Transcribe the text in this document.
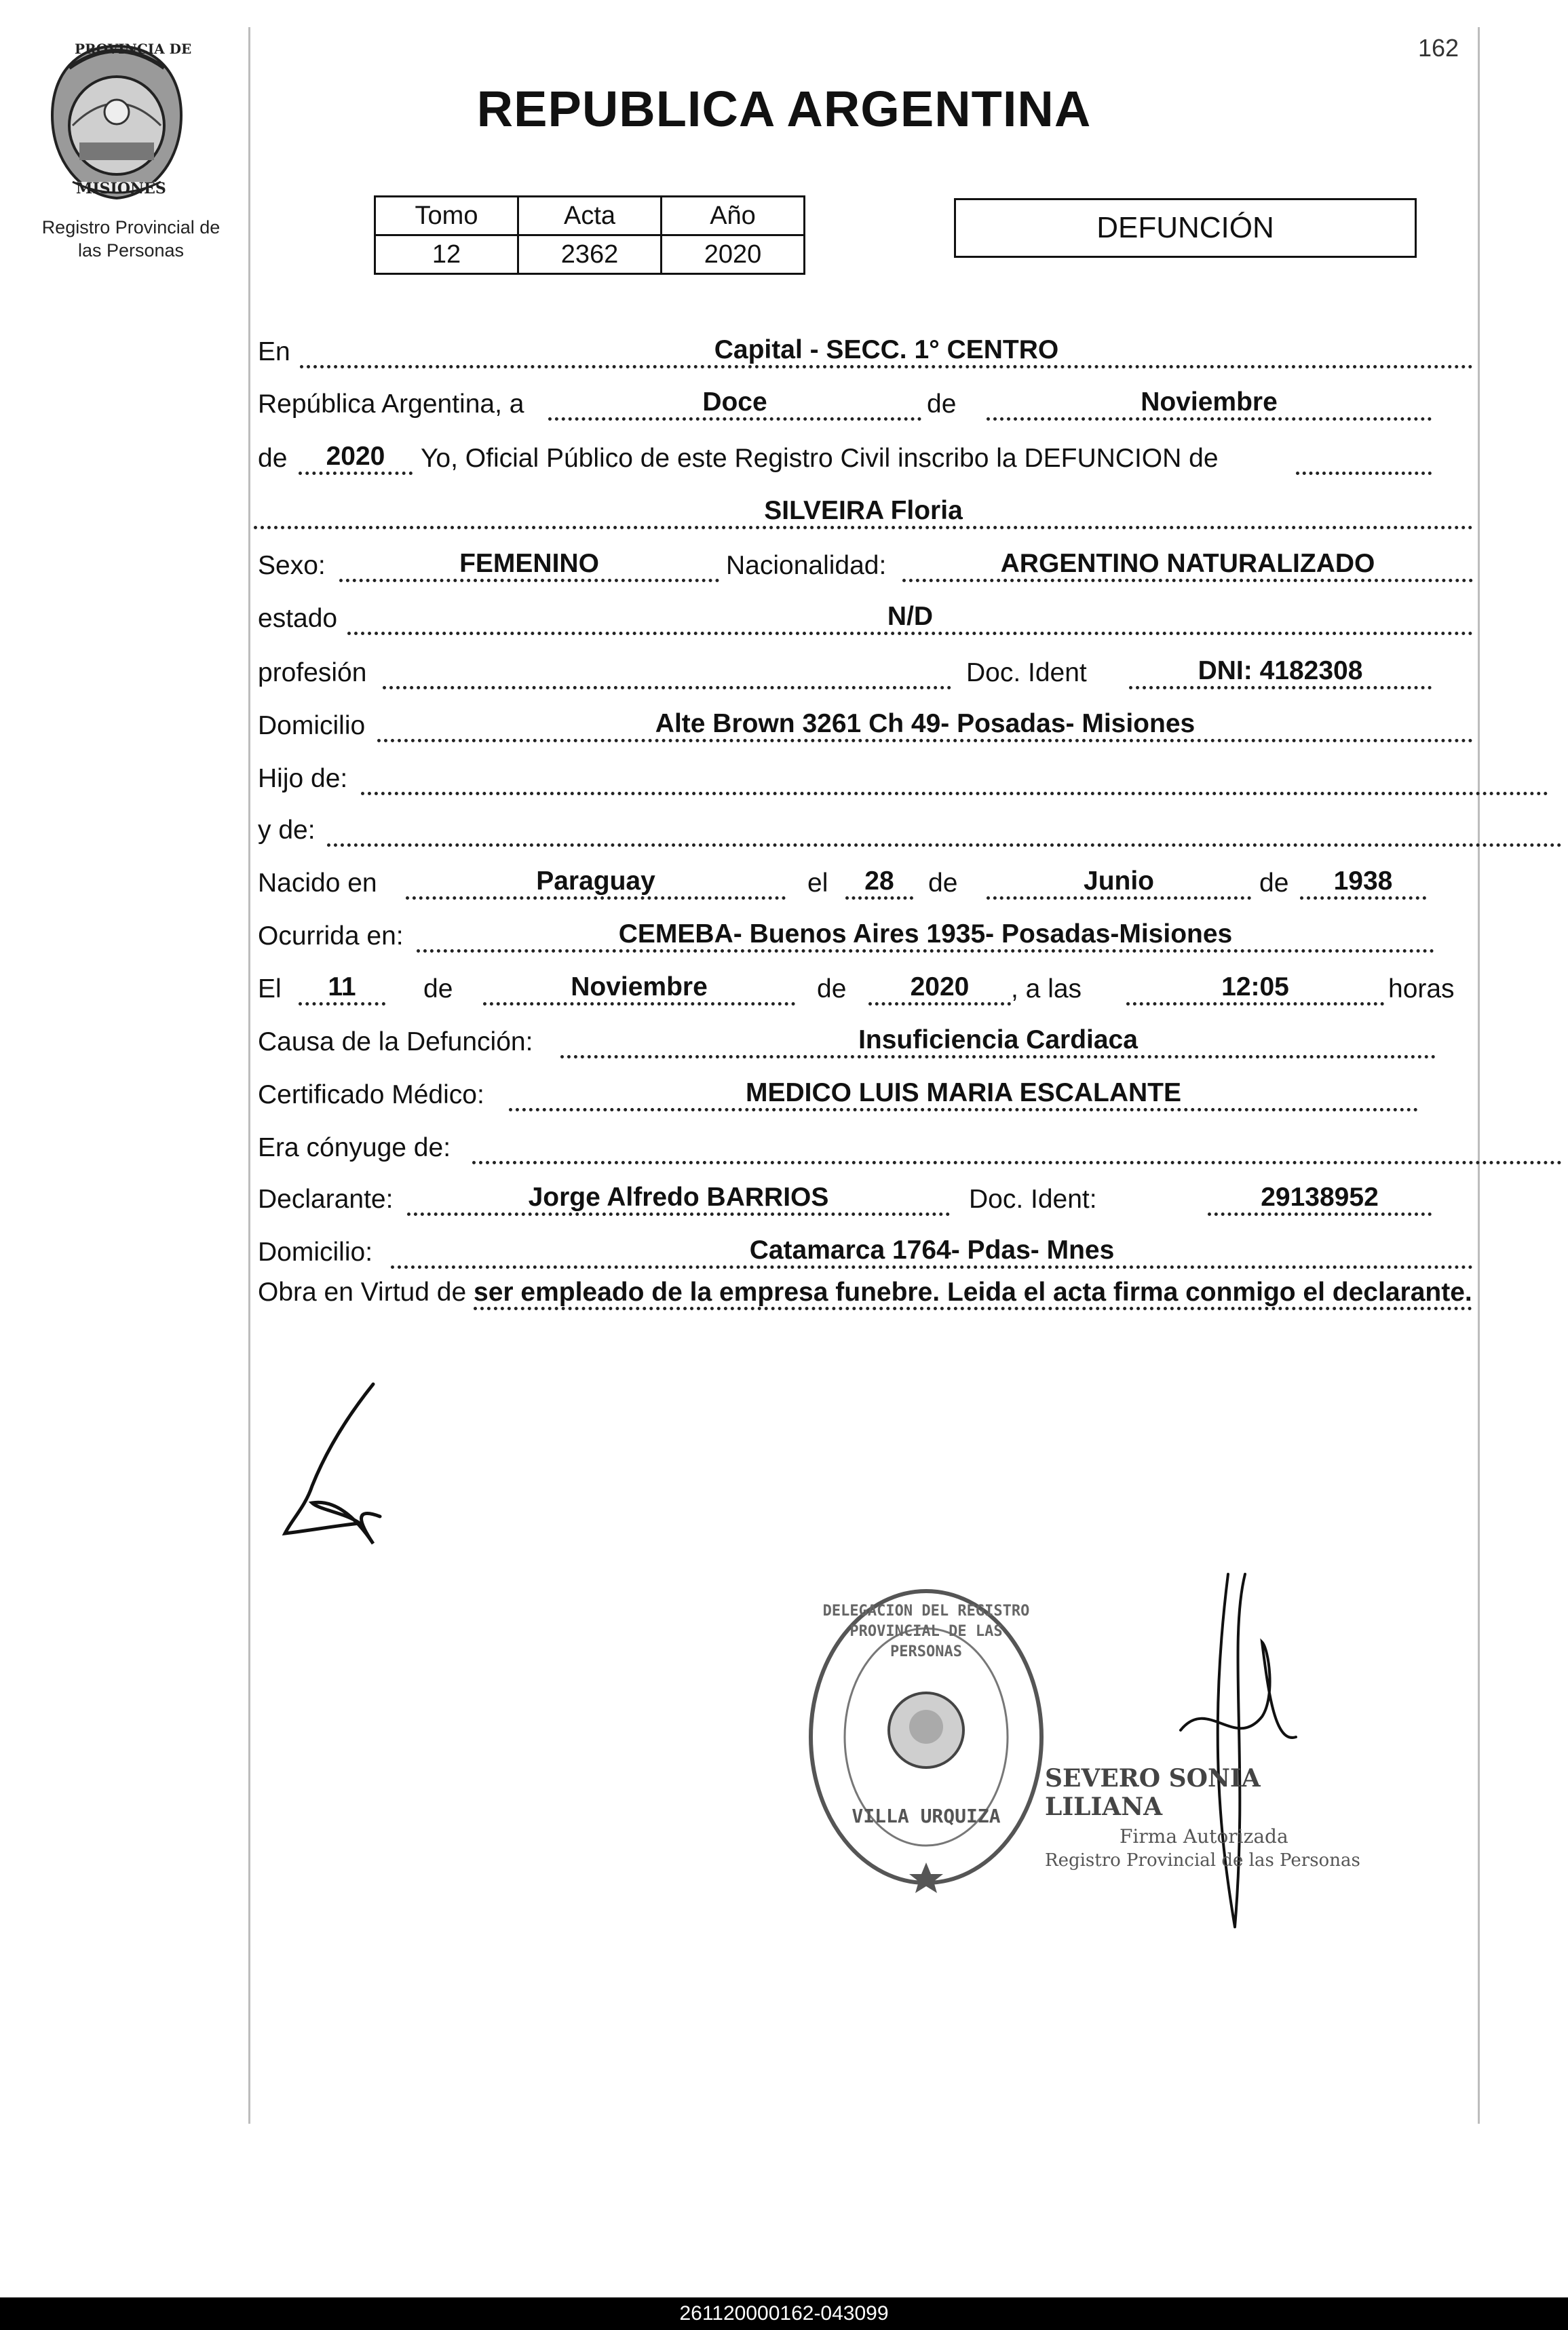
PROVINCIA DE
MISIONES
Registro Provincial de
las Personas
162
REPUBLICA ARGENTINA
Tomo	Acta	Año
12	2362	2020
DEFUNCIÓN
En	Capital - SECC. 1° CENTRO
República Argentina, a	Doce	de	Noviembre
de	2020	Yo, Oficial Público de este Registro Civil inscribo la DEFUNCION de
SILVEIRA Floria
Sexo:	FEMENINO	Nacionalidad:	ARGENTINO NATURALIZADO
estado	N/D
profesión	Doc. Ident	DNI: 4182308
Domicilio	Alte Brown 3261 Ch 49- Posadas- Misiones
Hijo de:
y de:
Nacido en	Paraguay	el	28	de	Junio	de	1938
Ocurrida en:	CEMEBA- Buenos Aires 1935- Posadas-Misiones
El	11	de	Noviembre	de	2020	, a las	12:05	horas
Causa de la Defunción:	Insuficiencia Cardiaca
Certificado Médico:	MEDICO LUIS MARIA ESCALANTE
Era cónyuge de:
Declarante:	Jorge Alfredo BARRIOS	Doc. Ident:	29138952
Domicilio:	Catamarca 1764- Pdas- Mnes
Obra en Virtud de ser empleado de la empresa funebre. Leida el acta firma conmigo el declarante.
DELEGACION DEL REGISTRO PROVINCIAL DE LAS PERSONAS
VILLA URQUIZA
SEVERO SONIA LILIANA
Firma Autorizada
Registro Provincial de las Personas
261120000162-043099
